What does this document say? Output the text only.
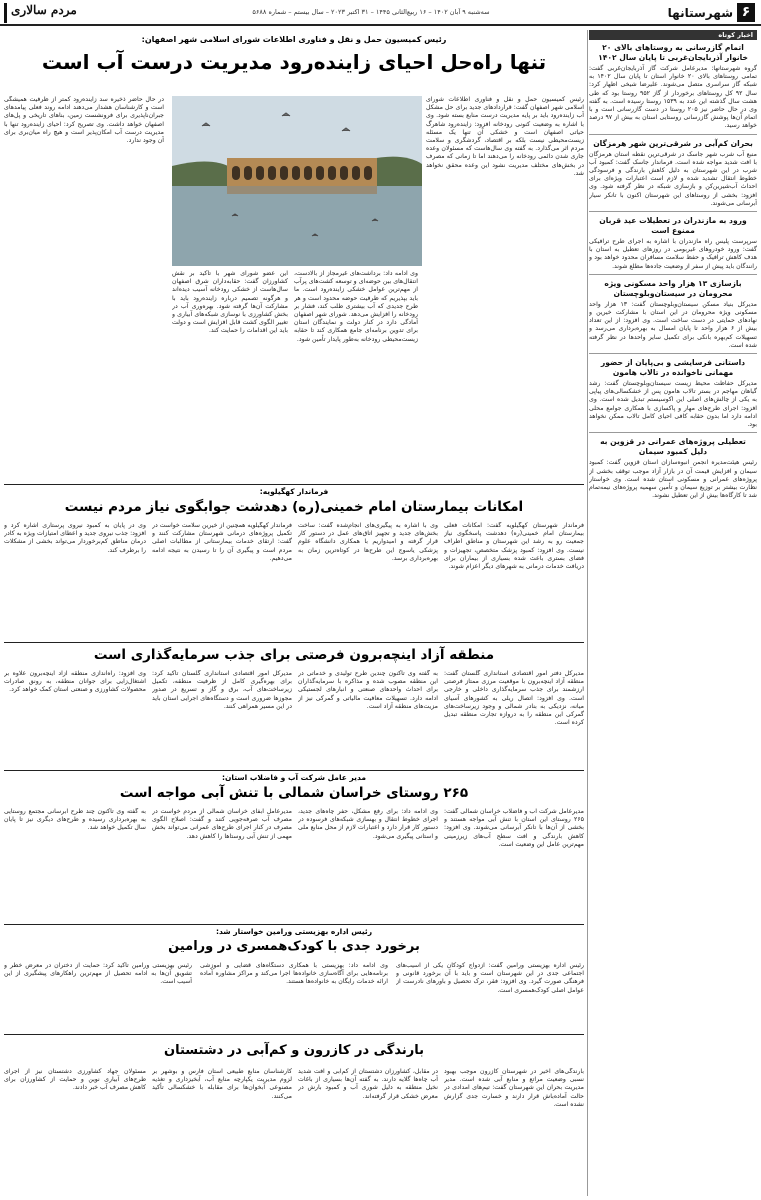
۶
شهرستانها
سه‌شنبه ۹ آبان ۱۴۰۲ – ۱۶ ربیع‌الثانی ۱۴۴۵ – ۳۱ اکتبر ۲۰۲۳ – سال بیستم – شماره ۵۶۸۸
مردم سالاری
اخبار کوتاه
اتمام گازرسانی به روستاهای بالای ۲۰ خانوار آذربایجان‌غربی تا پایان سال ۱۴۰۲
گروه شهرستانها: مدیرعامل شرکت گاز آذربایجان‌غربی گفت: تمامی روستاهای بالای ۲۰ خانوار استان تا پایان سال ۱۴۰۲ به شبکه گاز سراسری متصل می‌شوند. علیرضا شیخی اظهار کرد: سال ۹۲ کل روستاهای برخوردار از گاز ۹۵۲ روستا بود که طی هشت سال گذشته این عدد به ۱۵۳۹ روستا رسیده است. به گفته وی در حال حاضر نیز ۲۰۵ روستا در دست گازرسانی است و با اتمام آن‌ها پوشش گازرسانی روستایی استان به بیش از ۹۷ درصد خواهد رسید.
بحران کم‌آبی در شرقی‌ترین شهر هرمزگان
منبع آب شرب شهر جاسک در شرقی‌ترین نقطه استان هرمزگان با افت شدید مواجه شده است. فرماندار جاسک گفت: کمبود آب شرب در این شهرستان به دلیل کاهش بارندگی و فرسودگی خطوط انتقال تشدید شده و لازم است اعتبارات ویژه‌ای برای احداث آب‌شیرین‌کن و بازسازی شبکه در نظر گرفته شود. وی افزود: بخشی از روستاهای این شهرستان اکنون با تانکر سیار آبرسانی می‌شوند.
ورود به مازندران در تعطیلات عید قربان ممنوع است
سرپرست پلیس راه مازندران با اشاره به اجرای طرح ترافیکی گفت: ورود خودروهای غیربومی در روزهای تعطیل به استان با هدف کاهش ترافیک و حفظ سلامت مسافران محدود خواهد بود و رانندگان باید پیش از سفر از وضعیت جاده‌ها مطلع شوند.
بازسازی ۱۳ هزار واحد مسکونی ویژه محرومان در سیستان‌وبلوچستان
مدیرکل بنیاد مسکن سیستان‌وبلوچستان گفت: ۱۳ هزار واحد مسکونی ویژه محرومان در این استان با مشارکت خیرین و نهادهای حمایتی در دست ساخت است. وی افزود: از این تعداد بیش از ۶ هزار واحد تا پایان امسال به بهره‌برداری می‌رسد و تسهیلات کم‌بهره بانکی برای تکمیل سایر واحدها در نظر گرفته شده است.
داستانی فرسایشی و بی‌پایان از حضور مهمانی ناخوانده در تالاب هامون
مدیرکل حفاظت محیط زیست سیستان‌وبلوچستان گفت: رشد گیاهان مهاجم در بستر تالاب هامون پس از خشکسالی‌های پیاپی به یکی از چالش‌های اصلی این اکوسیستم تبدیل شده است. وی افزود: اجرای طرح‌های مهار و پاکسازی با همکاری جوامع محلی ادامه دارد اما بدون حقابه کافی احیای کامل تالاب ممکن نخواهد بود.
تعطیلی پروژه‌های عمرانی در قزوین به دلیل کمبود سیمان
رئیس هیئت‌مدیره انجمن انبوه‌سازان استان قزوین گفت: کمبود سیمان و افزایش قیمت آن در بازار آزاد موجب توقف بخشی از پروژه‌های عمرانی و مسکونی استان شده است. وی خواستار نظارت بیشتر بر توزیع سیمان و تأمین سهمیه پروژه‌های نیمه‌تمام شد تا کارگاه‌ها بیش از این تعطیل نشوند.
رئیس کمیسیون حمل و نقل و فناوری اطلاعات شورای اسلامی شهر اصفهان:
تنها راه‌حل احیای زاینده‌رود مدیریت درست آب است
رئیس کمیسیون حمل و نقل و فناوری اطلاعات شورای اسلامی شهر اصفهان گفت: قراردادهای جدید برای حل مشکل آب زاینده‌رود باید بر پایه مدیریت درست منابع بسته شود. وی با اشاره به وضعیت کنونی رودخانه افزود: زاینده‌رود شاهرگ حیاتی اصفهان است و خشکی آن تنها یک مسئله زیست‌محیطی نیست بلکه بر اقتصاد، گردشگری و سلامت مردم اثر می‌گذارد. به گفته وی سال‌هاست که مسئولان وعده جاری شدن دائمی رودخانه را می‌دهند اما تا زمانی که مصرف در بخش‌های مختلف مدیریت نشود این وعده محقق نخواهد شد.
وی ادامه داد: برداشت‌های غیرمجاز از بالادست، انتقال‌های بین حوضه‌ای و توسعه کشت‌های پرآب از مهم‌ترین عوامل خشکی زاینده‌رود است. ما باید بپذیریم که ظرفیت حوضه محدود است و هر طرح جدیدی که آب بیشتری طلب کند، فشار بر رودخانه را افزایش می‌دهد. شورای شهر اصفهان آمادگی دارد در کنار دولت و نمایندگان استان برای تدوین برنامه‌ای جامع همکاری کند تا حقابه زیست‌محیطی رودخانه به‌طور پایدار تأمین شود.
این عضو شورای شهر با تأکید بر نقش کشاورزان گفت: حقابه‌داران شرق اصفهان سال‌هاست از خشکی رودخانه آسیب دیده‌اند و هرگونه تصمیم درباره زاینده‌رود باید با مشارکت آن‌ها گرفته شود. بهره‌وری آب در بخش کشاورزی با نوسازی شبکه‌های آبیاری و تغییر الگوی کشت قابل افزایش است و دولت باید این اقدامات را حمایت کند.
در حال حاضر ذخیره سد زاینده‌رود کمتر از ظرفیت همیشگی است و کارشناسان هشدار می‌دهند ادامه روند فعلی پیامدهای جبران‌ناپذیری برای فرونشست زمین، بناهای تاریخی و پل‌های اصفهان خواهد داشت. وی تصریح کرد: احیای زاینده‌رود تنها با مدیریت درست آب امکان‌پذیر است و هیچ راه میان‌بری برای آن وجود ندارد.
فرماندار کهگیلویه:
امکانات بیمارستان امام خمینی(ره) دهدشت جوابگوی نیاز مردم نیست
فرماندار شهرستان کهگیلویه گفت: امکانات فعلی بیمارستان امام خمینی(ره) دهدشت پاسخگوی نیاز جمعیت رو به رشد این شهرستان و مناطق اطراف نیست. وی افزود: کمبود پزشک متخصص، تجهیزات و فضای بستری باعث شده بسیاری از بیماران برای دریافت خدمات درمانی به شهرهای دیگر اعزام شوند.
وی با اشاره به پیگیری‌های انجام‌شده گفت: ساخت بخش‌های جدید و تجهیز اتاق‌های عمل در دستور کار قرار گرفته و امیدواریم با همکاری دانشگاه علوم پزشکی یاسوج این طرح‌ها در کوتاه‌ترین زمان به بهره‌برداری برسد.
فرماندار کهگیلویه همچنین از خیرین سلامت خواست در تکمیل پروژه‌های درمانی شهرستان مشارکت کنند و گفت: ارتقای خدمات بیمارستانی از مطالبات اصلی مردم است و پیگیری آن را تا رسیدن به نتیجه ادامه می‌دهیم.
وی در پایان به کمبود نیروی پرستاری اشاره کرد و افزود: جذب نیروی جدید و اعطای امتیازات ویژه به کادر درمان مناطق کم‌برخوردار می‌تواند بخشی از مشکلات را برطرف کند.
منطقه آزاد اینچه‌برون فرصتی برای جذب سرمایه‌گذاری است
مدیرکل دفتر امور اقتصادی استانداری گلستان گفت: منطقه آزاد اینچه‌برون با موقعیت مرزی ممتاز فرصتی ارزشمند برای جذب سرمایه‌گذاری داخلی و خارجی است. وی افزود: اتصال ریلی به کشورهای آسیای میانه، نزدیکی به بنادر شمالی و وجود زیرساخت‌های گمرکی این منطقه را به دروازه تجارت منطقه تبدیل کرده است.
به گفته وی تاکنون چندین طرح تولیدی و خدماتی در این منطقه مصوب شده و مذاکره با سرمایه‌گذاران برای احداث واحدهای صنعتی و انبارهای لجستیکی ادامه دارد. تسهیلات معافیت مالیاتی و گمرکی نیز از مزیت‌های منطقه آزاد است.
مدیرکل امور اقتصادی استانداری گلستان تأکید کرد: برای بهره‌گیری کامل از ظرفیت منطقه، تکمیل زیرساخت‌های آب، برق و گاز و تسریع در صدور مجوزها ضروری است و دستگاه‌های اجرایی استان باید در این مسیر همراهی کنند.
وی افزود: راه‌اندازی منطقه آزاد اینچه‌برون علاوه بر اشتغال‌زایی برای جوانان منطقه، به رونق صادرات محصولات کشاورزی و صنعتی استان کمک خواهد کرد.
مدیر عامل شرکت آب و فاضلاب استان:
۲۶۵ روستای خراسان شمالی با تنش آبی مواجه است
مدیرعامل شرکت آب و فاضلاب خراسان شمالی گفت: ۲۶۵ روستای این استان با تنش آبی مواجه هستند و بخشی از آن‌ها با تانکر آبرسانی می‌شوند. وی افزود: کاهش بارندگی و افت سطح آب‌های زیرزمینی مهم‌ترین عامل این وضعیت است.
وی ادامه داد: برای رفع مشکل، حفر چاه‌های جدید، اجرای خطوط انتقال و بهسازی شبکه‌های فرسوده در دستور کار قرار دارد و اعتبارات لازم از محل منابع ملی و استانی پیگیری می‌شود.
مدیرعامل آبفای خراسان شمالی از مردم خواست در مصرف آب صرفه‌جویی کنند و گفت: اصلاح الگوی مصرف در کنار اجرای طرح‌های عمرانی می‌تواند بخش مهمی از تنش آبی روستاها را کاهش دهد.
به گفته وی تاکنون چند طرح آبرسانی مجتمع روستایی به بهره‌برداری رسیده و طرح‌های دیگری نیز تا پایان سال تکمیل خواهد شد.
رئیس اداره بهزیستی ورامین خواستار شد:
برخورد جدی با کودک‌همسری در ورامین
رئیس اداره بهزیستی ورامین گفت: ازدواج کودکان یکی از آسیب‌های اجتماعی جدی در این شهرستان است و باید با آن برخورد قانونی و فرهنگی صورت گیرد. وی افزود: فقر، ترک تحصیل و باورهای نادرست از عوامل اصلی کودک‌همسری است.
وی ادامه داد: بهزیستی با همکاری دستگاه‌های قضایی و آموزشی برنامه‌هایی برای آگاه‌سازی خانواده‌ها اجرا می‌کند و مراکز مشاوره آماده ارائه خدمات رایگان به خانواده‌ها هستند.
رئیس بهزیستی ورامین تأکید کرد: حمایت از دختران در معرض خطر و تشویق آن‌ها به ادامه تحصیل از مهم‌ترین راهکارهای پیشگیری از این آسیب است.
بارندگی در کازرون و کم‌آبی در دشتستان
بارندگی‌های اخیر در شهرستان کازرون موجب بهبود نسبی وضعیت مراتع و منابع آبی شده است. مدیر مدیریت بحران این شهرستان گفت: تیم‌های امدادی در حالت آماده‌باش قرار دارند و خسارت جدی گزارش نشده است.
در مقابل، کشاورزان دشتستان از کم‌آبی و افت شدید آب چاه‌ها گلایه دارند. به گفته آن‌ها بسیاری از باغات نخیل منطقه به دلیل شوری آب و کمبود بارش در معرض خشکی قرار گرفته‌اند.
کارشناسان منابع طبیعی استان فارس و بوشهر بر لزوم مدیریت یکپارچه منابع آب، آبخیزداری و تغذیه مصنوعی آبخوان‌ها برای مقابله با خشکسالی تأکید می‌کنند.
مسئولان جهاد کشاورزی دشتستان نیز از اجرای طرح‌های آبیاری نوین و حمایت از کشاورزان برای کاهش مصرف آب خبر دادند.
